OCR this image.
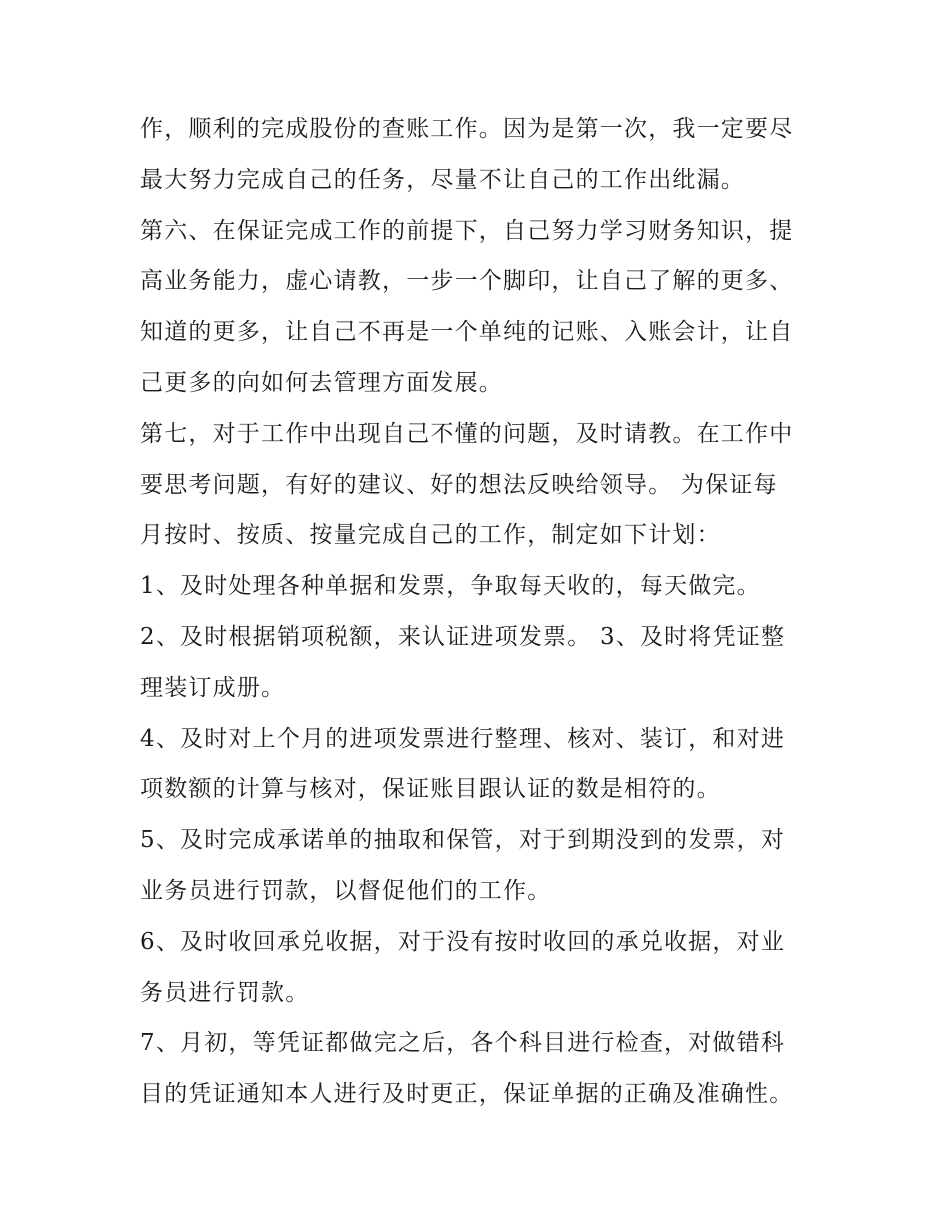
作，顺利的完成股份的查账工作。因为是第一次，我一定要尽
最大努力完成自己的任务，尽量不让自己的工作出纰漏。
第六、在保证完成工作的前提下，自己努力学习财务知识，提
高业务能力，虚心请教，一步一个脚印，让自己了解的更多、
知道的更多，让自己不再是一个单纯的记账、入账会计，让自
己更多的向如何去管理方面发展。
第七，对于工作中出现自己不懂的问题，及时请教。在工作中
要思考问题，有好的建议、好的想法反映给领导。 为保证每
月按时、按质、按量完成自己的工作，制定如下计划：
1、及时处理各种单据和发票，争取每天收的，每天做完。
2、及时根据销项税额，来认证进项发票。 3、及时将凭证整
理装订成册。
4、及时对上个月的进项发票进行整理、核对、装订，和对进
项数额的计算与核对，保证账目跟认证的数是相符的。
5、及时完成承诺单的抽取和保管，对于到期没到的发票，对
业务员进行罚款，以督促他们的工作。
6、及时收回承兑收据，对于没有按时收回的承兑收据，对业
务员进行罚款。
7、月初，等凭证都做完之后，各个科目进行检查，对做错科
目的凭证通知本人进行及时更正，保证单据的正确及准确性。
